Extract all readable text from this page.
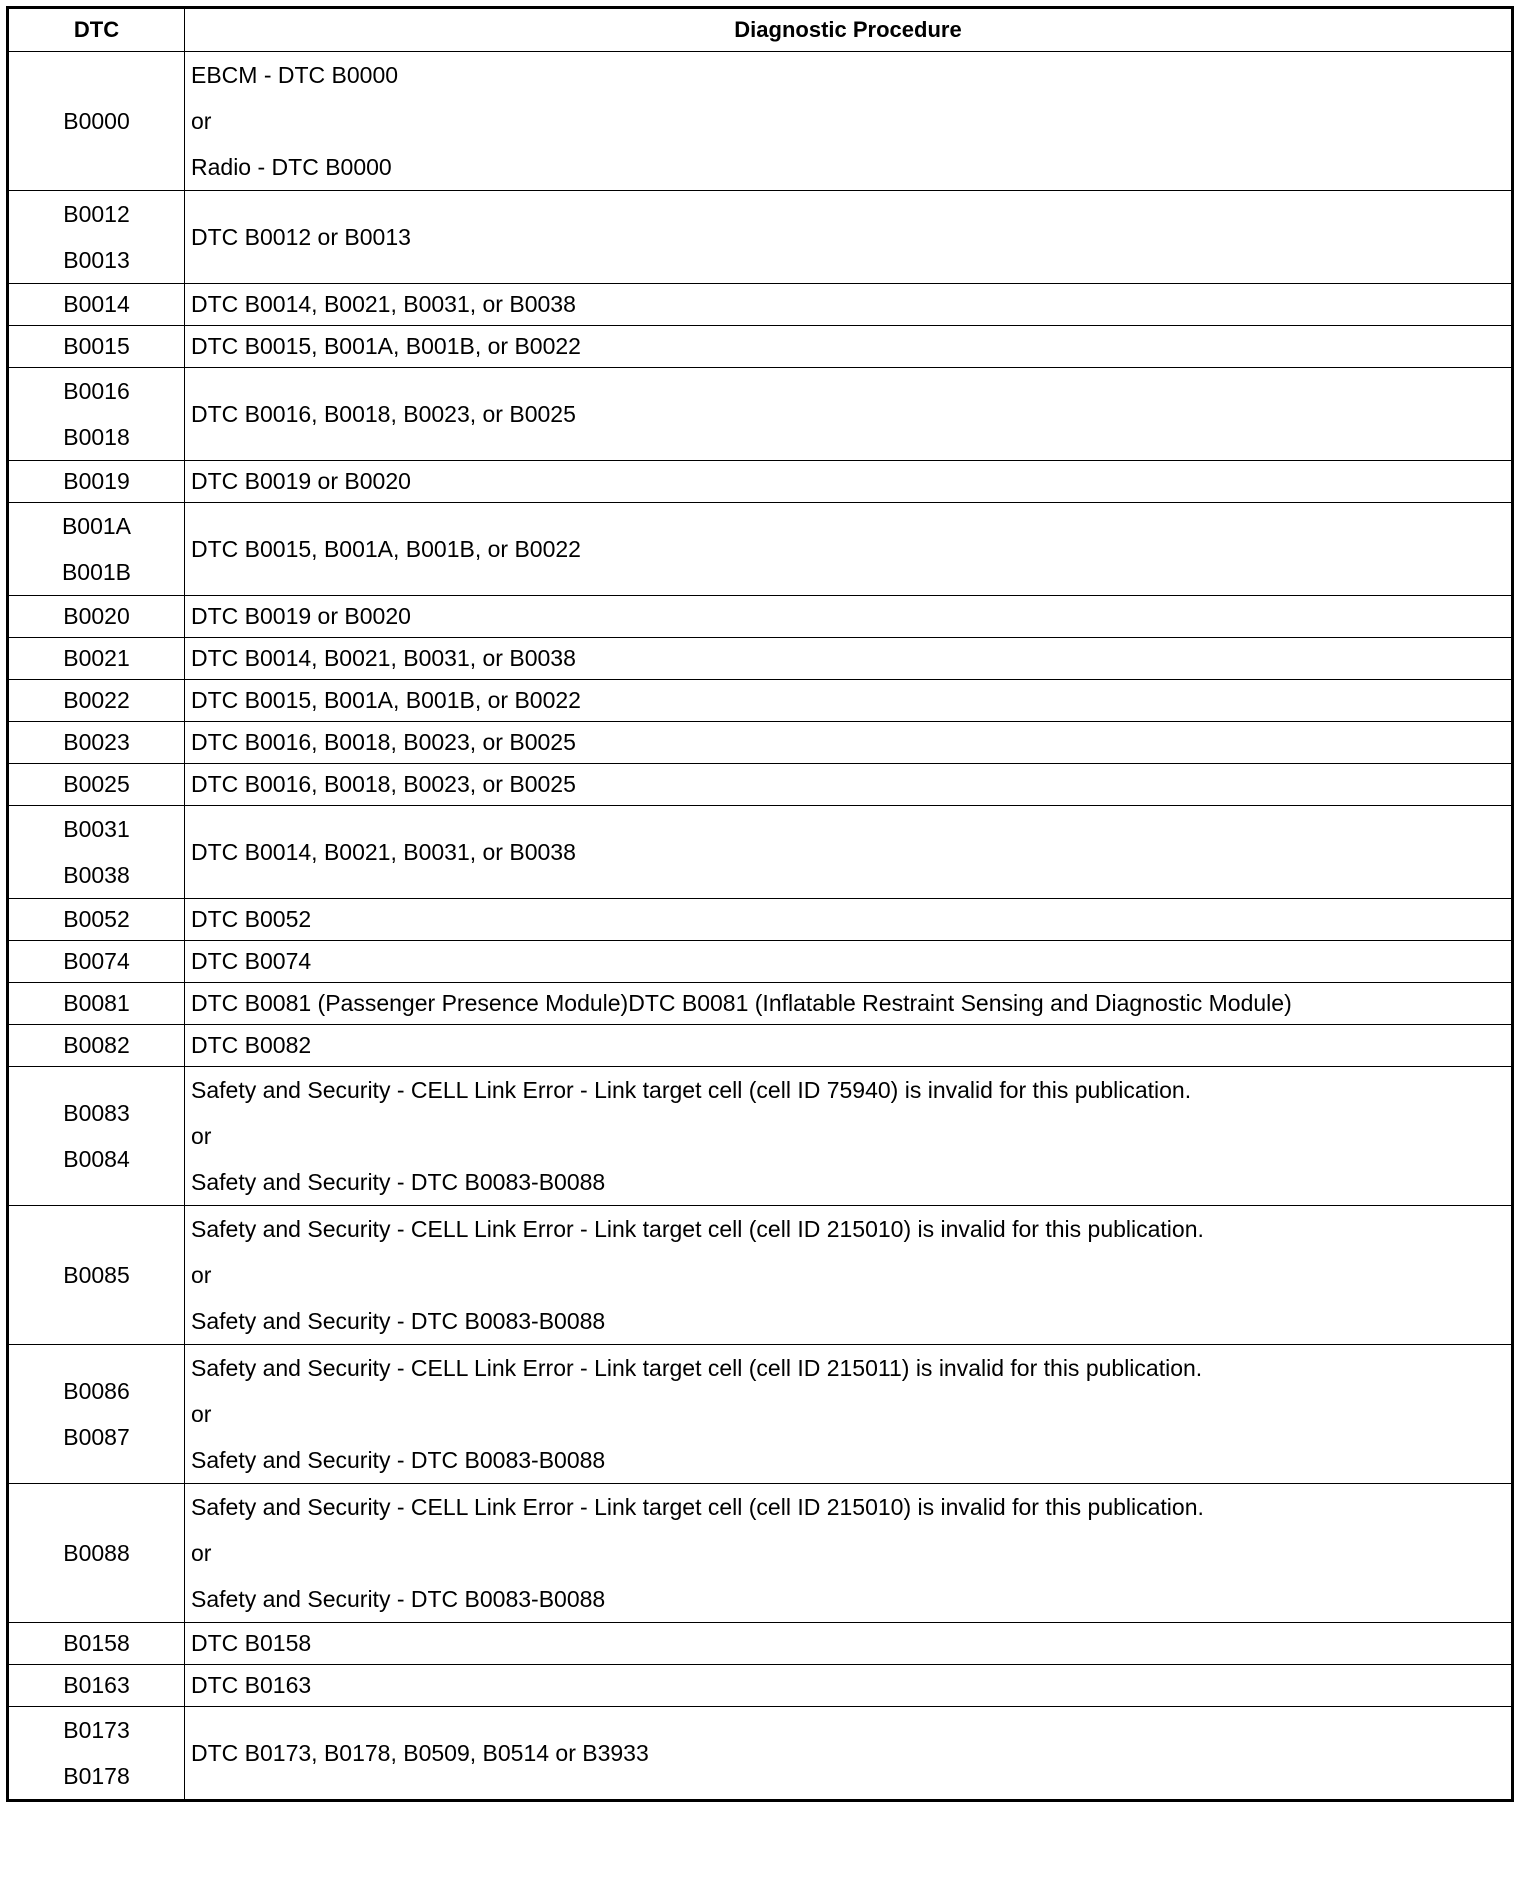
DTC	Diagnostic Procedure

B0000	EBCM - DTC B0000
or
Radio - DTC B0000

B0012
B0013	DTC B0012 or B0013

B0014	DTC B0014, B0021, B0031, or B0038

B0015	DTC B0015, B001A, B001B, or B0022

B0016
B0018	DTC B0016, B0018, B0023, or B0025

B0019	DTC B0019 or B0020

B001A
B001B	DTC B0015, B001A, B001B, or B0022

B0020	DTC B0019 or B0020

B0021	DTC B0014, B0021, B0031, or B0038

B0022	DTC B0015, B001A, B001B, or B0022

B0023	DTC B0016, B0018, B0023, or B0025

B0025	DTC B0016, B0018, B0023, or B0025

B0031
B0038	DTC B0014, B0021, B0031, or B0038

B0052	DTC B0052

B0074	DTC B0074

B0081	DTC B0081 (Passenger Presence Module)DTC B0081 (Inflatable Restraint Sensing and Diagnostic Module)

B0082	DTC B0082

B0083
B0084	Safety and Security - CELL Link Error - Link target cell (cell ID 75940) is invalid for this publication.
or
Safety and Security - DTC B0083-B0088

B0085	Safety and Security - CELL Link Error - Link target cell (cell ID 215010) is invalid for this publication.
or
Safety and Security - DTC B0083-B0088

B0086
B0087	Safety and Security - CELL Link Error - Link target cell (cell ID 215011) is invalid for this publication.
or
Safety and Security - DTC B0083-B0088

B0088	Safety and Security - CELL Link Error - Link target cell (cell ID 215010) is invalid for this publication.
or
Safety and Security - DTC B0083-B0088

B0158	DTC B0158

B0163	DTC B0163

B0173
B0178	DTC B0173, B0178, B0509, B0514 or B3933
